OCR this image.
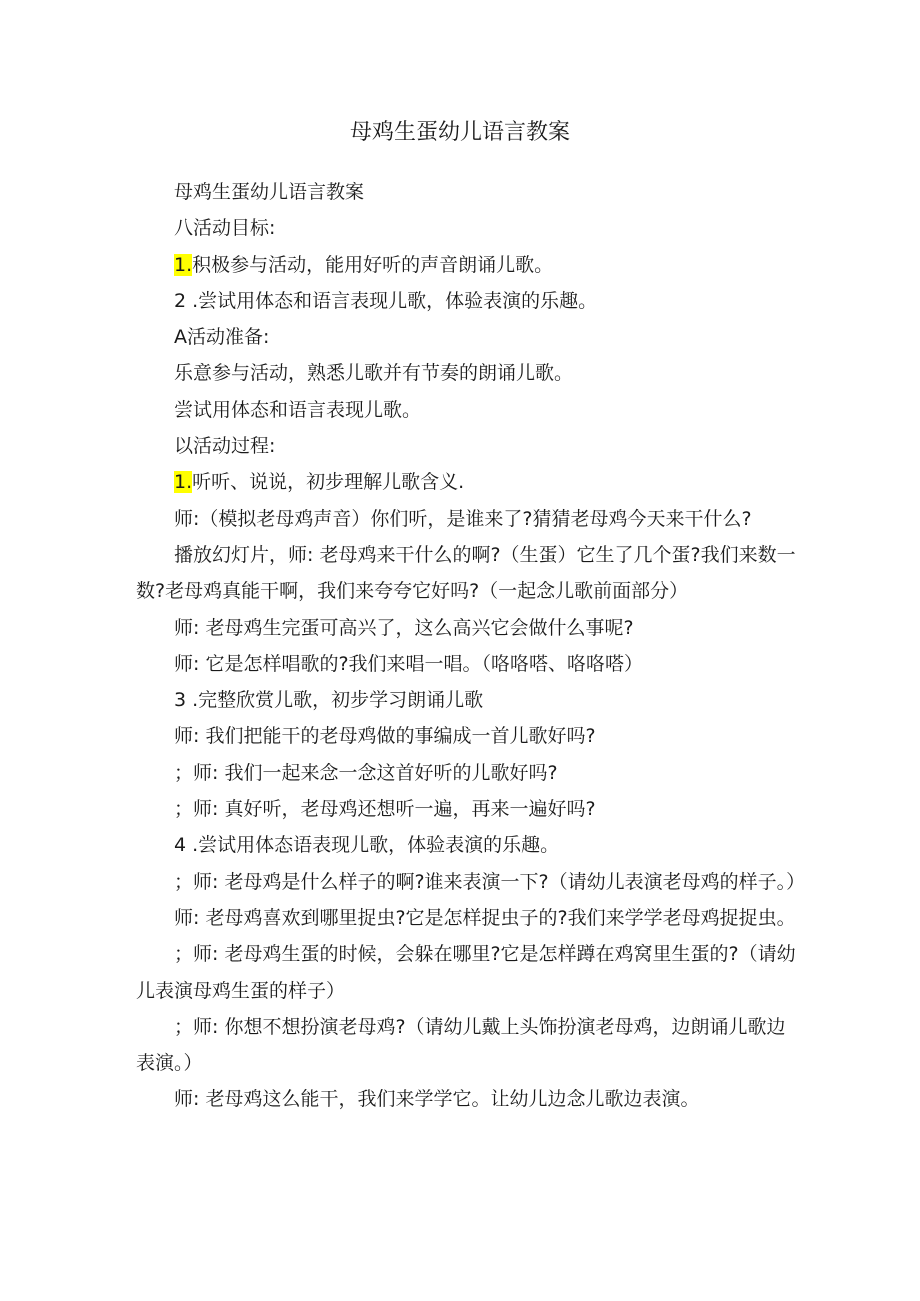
母鸡生蛋幼儿语言教案

母鸡生蛋幼儿语言教案

八活动目标:

1.积极参与活动，能用好听的声音朗诵儿歌。

2 .尝试用体态和语言表现儿歌，体验表演的乐趣。

A活动准备:

乐意参与活动，熟悉儿歌并有节奏的朗诵儿歌。

尝试用体态和语言表现儿歌。

以活动过程:

1.听听、说说，初步理解儿歌含义.

师:（模拟老母鸡声音）你们听，是谁来了?猜猜老母鸡今天来干什么?

播放幻灯片，师: 老母鸡来干什么的啊?（生蛋）它生了几个蛋?我们来数一数?老母鸡真能干啊，我们来夸夸它好吗?（一起念儿歌前面部分）

师: 老母鸡生完蛋可高兴了，这么高兴它会做什么事呢?

师: 它是怎样唱歌的?我们来唱一唱。（咯咯嗒、咯咯嗒）

3 .完整欣赏儿歌，初步学习朗诵儿歌

师: 我们把能干的老母鸡做的事编成一首儿歌好吗?

；师: 我们一起来念一念这首好听的儿歌好吗?

；师: 真好听，老母鸡还想听一遍，再来一遍好吗?

4 .尝试用体态语表现儿歌，体验表演的乐趣。

；师: 老母鸡是什么样子的啊?谁来表演一下?（请幼儿表演老母鸡的样子。）

师: 老母鸡喜欢到哪里捉虫?它是怎样捉虫子的?我们来学学老母鸡捉捉虫。

；师: 老母鸡生蛋的时候，会躲在哪里?它是怎样蹲在鸡窝里生蛋的?（请幼儿表演母鸡生蛋的样子）

；师: 你想不想扮演老母鸡?（请幼儿戴上头饰扮演老母鸡，边朗诵儿歌边表演。）

师: 老母鸡这么能干，我们来学学它。让幼儿边念儿歌边表演。
